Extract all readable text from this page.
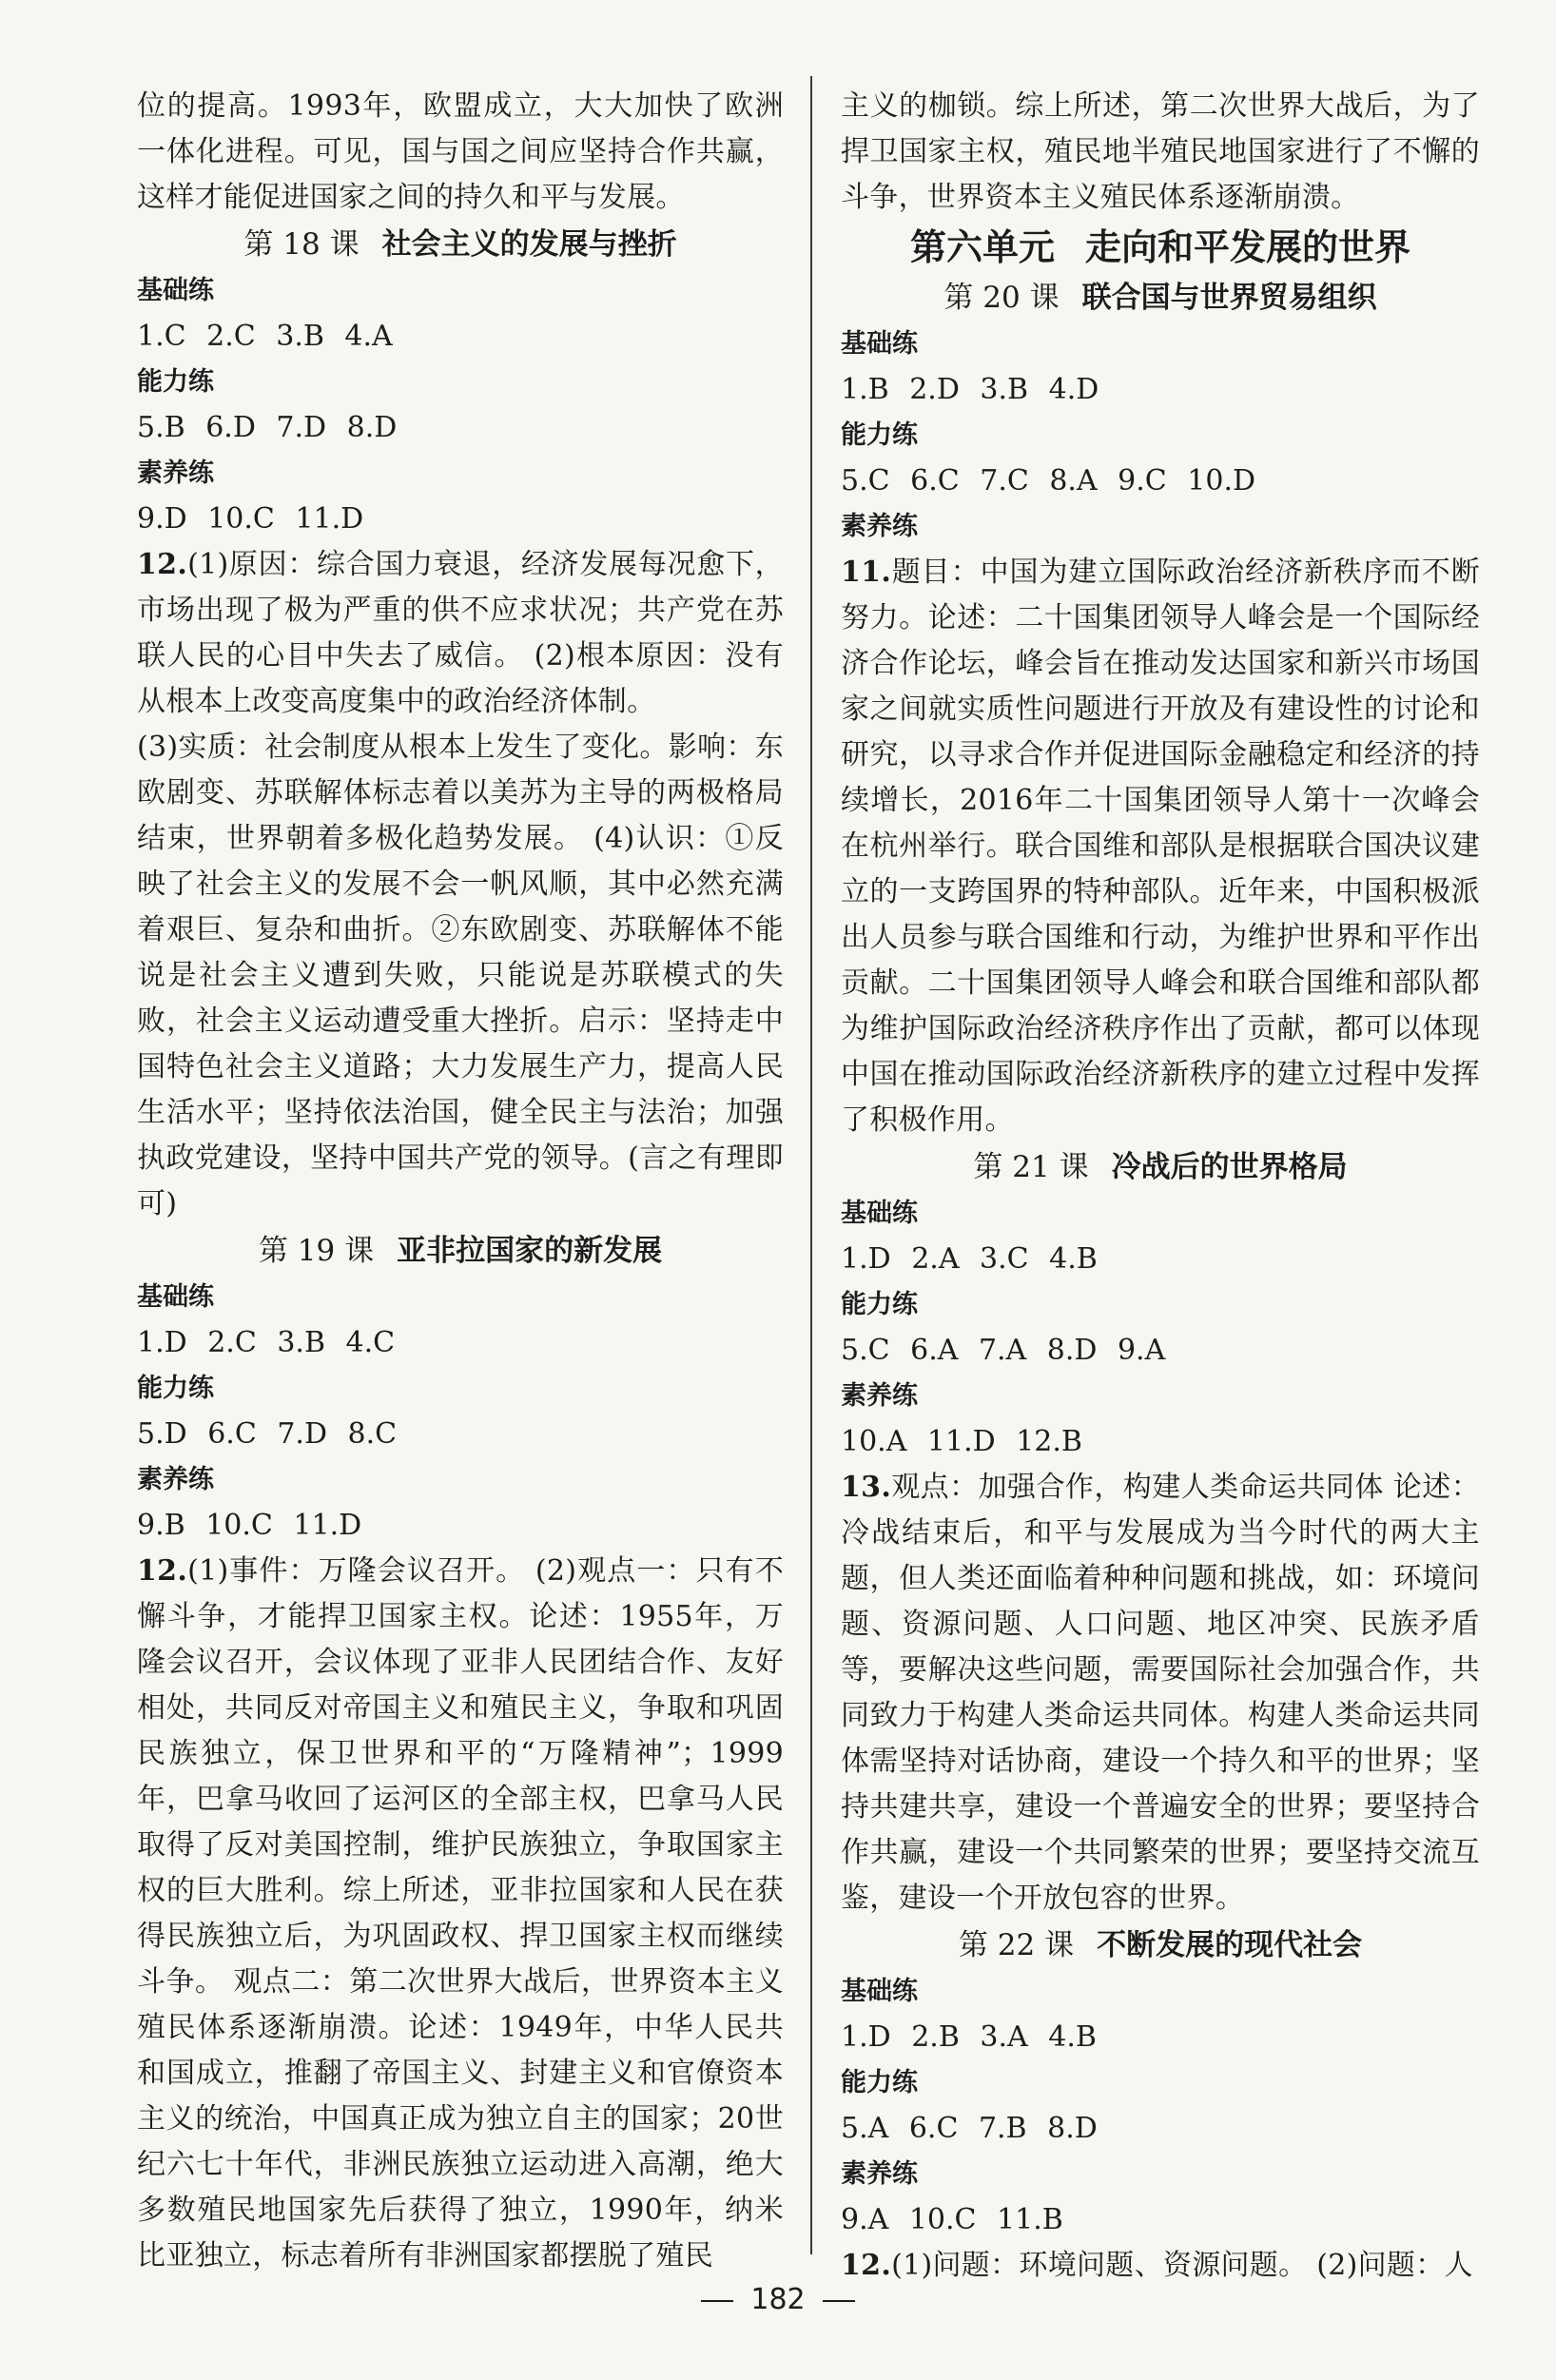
位的提高。1993年，欧盟成立，大大加快了欧洲一体化进程。可见，国与国之间应坚持合作共赢，这样才能促进国家之间的持久和平与发展。

第 18 课 社会主义的发展与挫折

基础练

1.C 2.C 3.B 4.A

能力练

5.B 6.D 7.D 8.D

素养练

9.D 10.C 11.D

12.(1)原因：综合国力衰退，经济发展每况愈下，市场出现了极为严重的供不应求状况；共产党在苏联人民的心目中失去了威信。 (2)根本原因：没有从根本上改变高度集中的政治经济体制。

(3)实质：社会制度从根本上发生了变化。影响：东欧剧变、苏联解体标志着以美苏为主导的两极格局结束，世界朝着多极化趋势发展。 (4)认识：①反映了社会主义的发展不会一帆风顺，其中必然充满着艰巨、复杂和曲折。②东欧剧变、苏联解体不能说是社会主义遭到失败，只能说是苏联模式的失败，社会主义运动遭受重大挫折。启示：坚持走中国特色社会主义道路；大力发展生产力，提高人民生活水平；坚持依法治国，健全民主与法治；加强执政党建设，坚持中国共产党的领导。(言之有理即可)

第 19 课 亚非拉国家的新发展

基础练

1.D 2.C 3.B 4.C

能力练

5.D 6.C 7.D 8.C

素养练

9.B 10.C 11.D

12.(1)事件：万隆会议召开。 (2)观点一：只有不懈斗争，才能捍卫国家主权。论述：1955年，万隆会议召开，会议体现了亚非人民团结合作、友好相处，共同反对帝国主义和殖民主义，争取和巩固民族独立，保卫世界和平的“万隆精神”；1999年，巴拿马收回了运河区的全部主权，巴拿马人民取得了反对美国控制，维护民族独立，争取国家主权的巨大胜利。综上所述，亚非拉国家和人民在获得民族独立后，为巩固政权、捍卫国家主权而继续斗争。 观点二：第二次世界大战后，世界资本主义殖民体系逐渐崩溃。论述：1949年，中华人民共和国成立，推翻了帝国主义、封建主义和官僚资本主义的统治，中国真正成为独立自主的国家；20世纪六七十年代，非洲民族独立运动进入高潮，绝大多数殖民地国家先后获得了独立，1990年，纳米比亚独立，标志着所有非洲国家都摆脱了殖民

主义的枷锁。综上所述，第二次世界大战后，为了捍卫国家主权，殖民地半殖民地国家进行了不懈的斗争，世界资本主义殖民体系逐渐崩溃。

第六单元 走向和平发展的世界

第 20 课 联合国与世界贸易组织

基础练

1.B 2.D 3.B 4.D

能力练

5.C 6.C 7.C 8.A 9.C 10.D

素养练

11.题目：中国为建立国际政治经济新秩序而不断努力。论述：二十国集团领导人峰会是一个国际经济合作论坛，峰会旨在推动发达国家和新兴市场国家之间就实质性问题进行开放及有建设性的讨论和研究，以寻求合作并促进国际金融稳定和经济的持续增长，2016年二十国集团领导人第十一次峰会在杭州举行。联合国维和部队是根据联合国决议建立的一支跨国界的特种部队。近年来，中国积极派出人员参与联合国维和行动，为维护世界和平作出贡献。二十国集团领导人峰会和联合国维和部队都为维护国际政治经济秩序作出了贡献，都可以体现中国在推动国际政治经济新秩序的建立过程中发挥了积极作用。

第 21 课 冷战后的世界格局

基础练

1.D 2.A 3.C 4.B

能力练

5.C 6.A 7.A 8.D 9.A

素养练

10.A 11.D 12.B

13.观点：加强合作，构建人类命运共同体 论述：冷战结束后，和平与发展成为当今时代的两大主题，但人类还面临着种种问题和挑战，如：环境问题、资源问题、人口问题、地区冲突、民族矛盾等，要解决这些问题，需要国际社会加强合作，共同致力于构建人类命运共同体。构建人类命运共同体需坚持对话协商，建设一个持久和平的世界；坚持共建共享，建设一个普遍安全的世界；要坚持合作共赢，建设一个共同繁荣的世界；要坚持交流互鉴，建设一个开放包容的世界。

第 22 课 不断发展的现代社会

基础练

1.D 2.B 3.A 4.B

能力练

5.A 6.C 7.B 8.D

素养练

9.A 10.C 11.B

12.(1)问题：环境问题、资源问题。 (2)问题：人

182
